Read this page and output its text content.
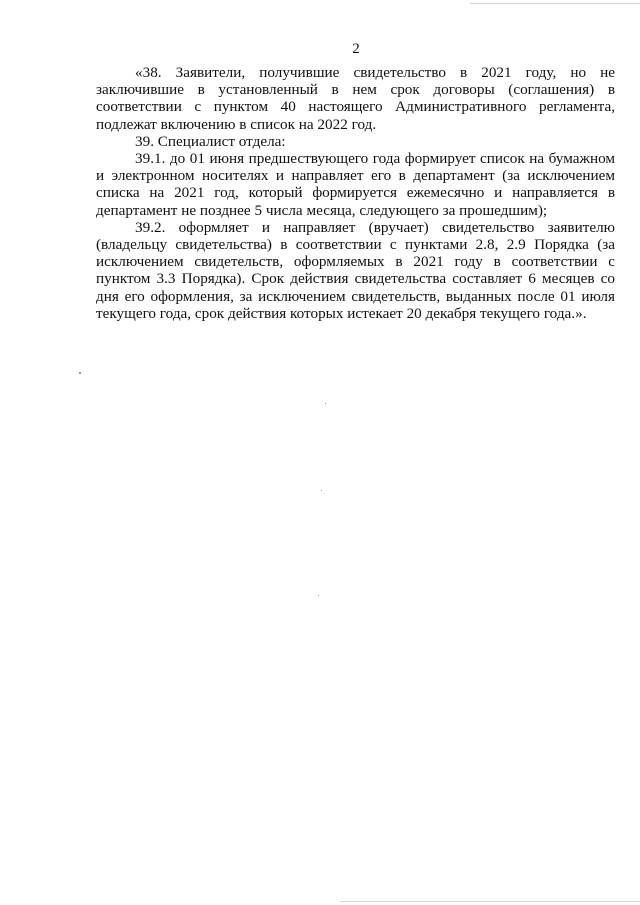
2

«38. Заявители, получившие свидетельство в 2021 году, но не заключившие в установленный в нем срок договоры (соглашения) в соответствии с пунктом 40 настоящего Административного регламента, подлежат включению в список на 2022 год.

39. Специалист отдела:

39.1. до 01 июня предшествующего года формирует список на бумажном и электронном носителях и направляет его в департамент (за исключением списка на 2021 год, который формируется ежемесячно и направляется в департамент не позднее 5 числа месяца, следующего за прошедшим);

39.2. оформляет и направляет (вручает) свидетельство заявителю (владельцу свидетельства) в соответствии с пунктами 2.8, 2.9 Порядка (за исключением свидетельств, оформляемых в 2021 году в соответствии с пунктом 3.3 Порядка). Срок действия свидетельства составляет 6 месяцев со дня его оформления, за исключением свидетельств, выданных после 01 июля текущего года, срок действия которых истекает 20 декабря текущего года.».
